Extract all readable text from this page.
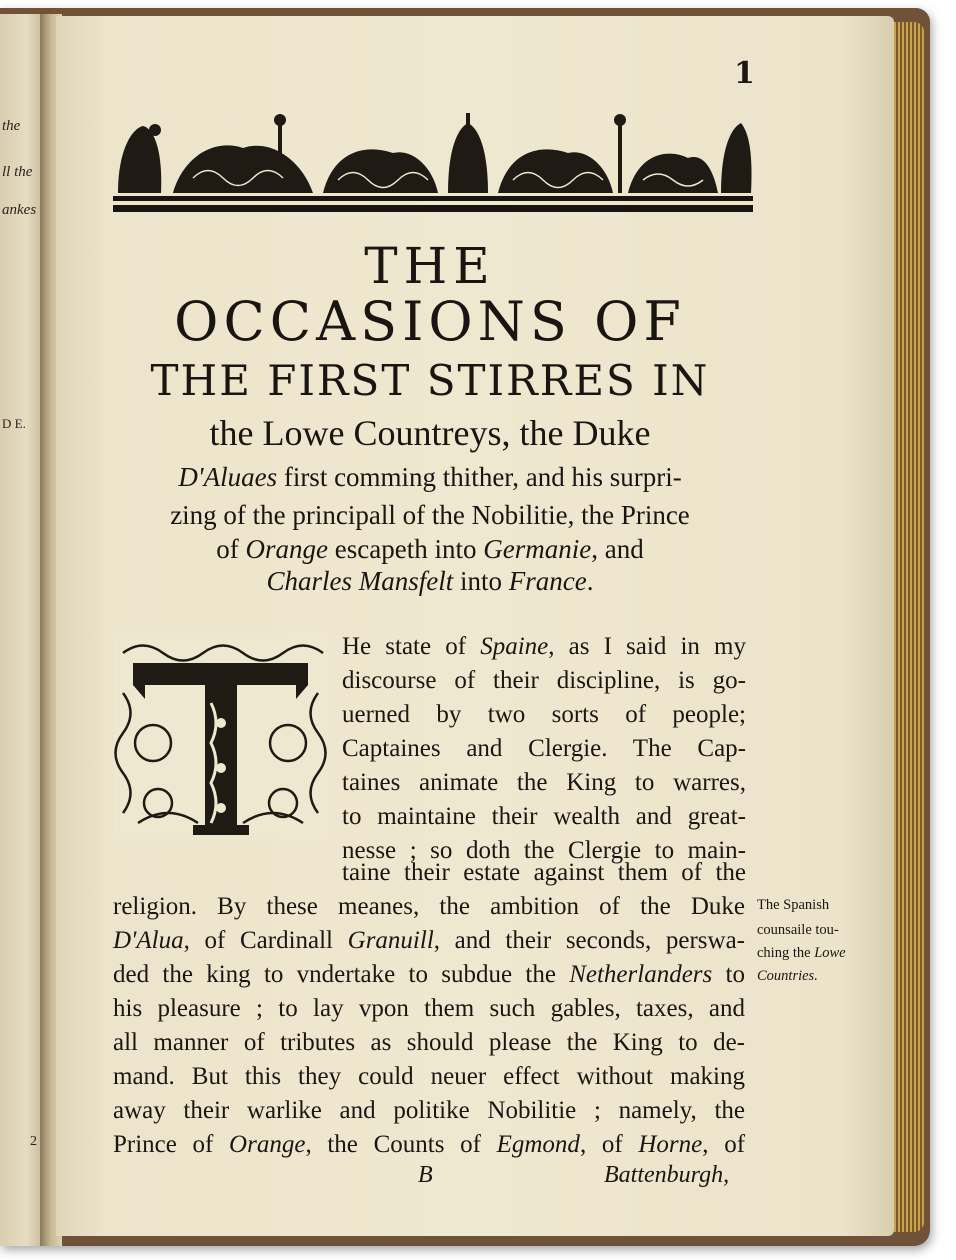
the
ll the
ankes
D E.
2
1
THE
OCCASIONS OF
THE FIRST STIRRES IN
the Lowe Countreys, the Duke
D'Aluaes first comming thither, and his surpri-
zing of the principall of the Nobilitie, the Prince
of Orange escapeth into Germanie, and
Charles Mansfelt into France.
He state of Spaine, as I said in my
discourse of their discipline, is go-
uerned by two sorts of people;
Captaines and Clergie. The Cap-
taines animate the King to warres,
to maintaine their wealth and great-
nesse ; so doth the Clergie to main-
taine their estate against them of the
religion. By these meanes, the ambition of the Duke
D'Alua, of Cardinall Granuill, and their seconds, perswa-
ded the king to vndertake to subdue the Netherlanders to
his pleasure ; to lay vpon them such gables, taxes, and
all manner of tributes as should please the King to de-
mand. But this they could neuer effect without making
away their warlike and politike Nobilitie ; namely, the
Prince of Orange, the Counts of Egmond, of Horne, of
The Spanish
counsaile tou-
ching the Lowe
Countries.
B	Battenburgh,
